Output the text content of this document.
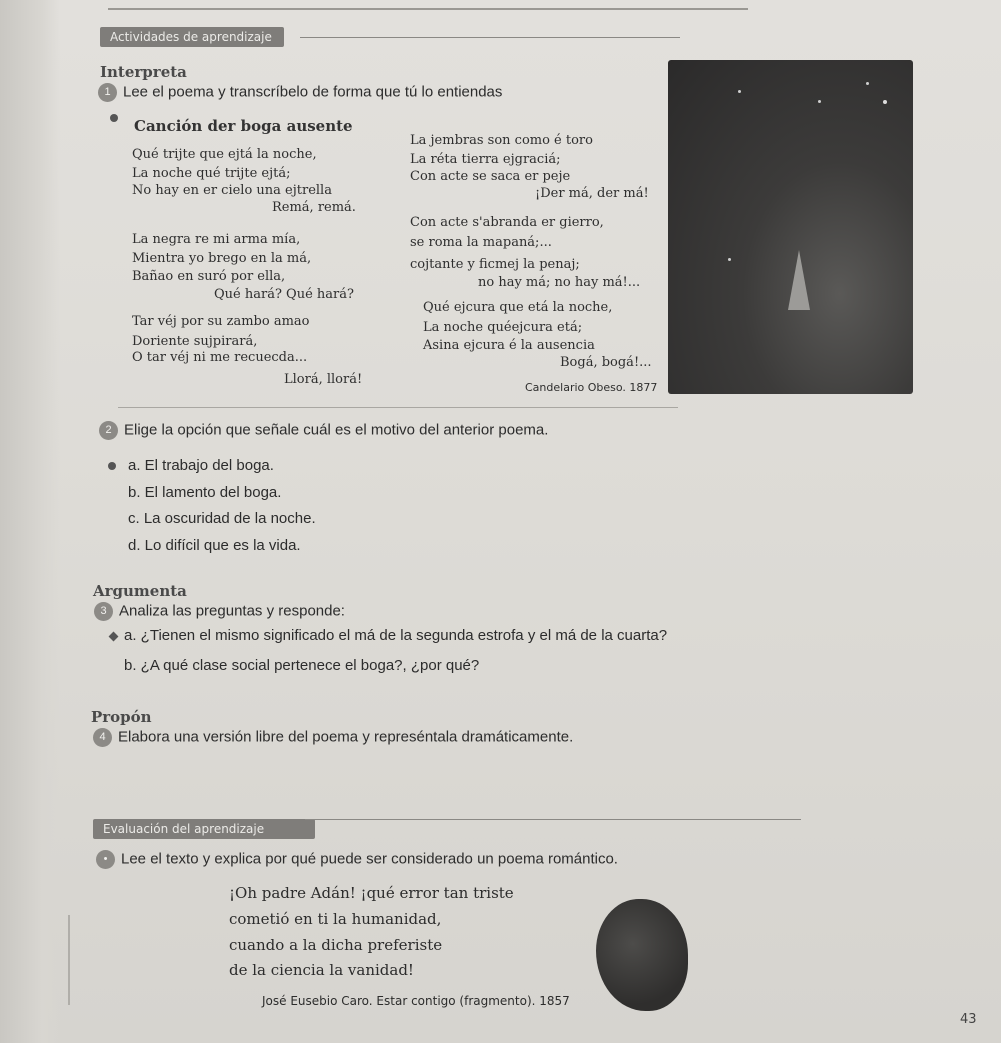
Actividades de aprendizaje
Interpreta
1 Lee el poema y transcríbelo de forma que tú lo entiendas
Canción der boga ausente
Qué trijte que ejtá la noche,
La noche qué trijte ejtá;
No hay en er cielo una ejtrella
Remá, remá.
La negra re mi arma mía,
Mientra yo brego en la má,
Bañao en suró por ella,
Qué hará? Qué hará?
Tar véj por su zambo amao
Doriente sujpirará,
O tar véj ni me recuecda...
Llorá, llorá!
La jembras son como é toro
La réta tierra ejgraciá;
Con acte se saca er peje
¡Der má, der má!
Con acte s'abranda er gierro,
se roma la mapaná;...
cojtante y ficmej la penaj;
no hay má; no hay má!...
Qué ejcura que etá la noche,
La noche quéejcura etá;
Asina ejcura é la ausencia
Bogá, bogá!...
Candelario Obeso. 1877
2 Elige la opción que señale cuál es el motivo del anterior poema.
a. El trabajo del boga.
b. El lamento del boga.
c. La oscuridad de la noche.
d. Lo difícil que es la vida.
Argumenta
3 Analiza las preguntas y responde:
a. ¿Tienen el mismo significado el má de la segunda estrofa y el má de la cuarta?
b. ¿A qué clase social pertenece el boga?, ¿por qué?
Propón
4 Elabora una versión libre del poema y represéntala dramáticamente.
Evaluación del aprendizaje
• Lee el texto y explica por qué puede ser considerado un poema romántico.
¡Oh padre Adán! ¡qué error tan triste
cometió en ti la humanidad,
cuando a la dicha preferiste
de la ciencia la vanidad!
José Eusebio Caro. Estar contigo (fragmento). 1857
43
